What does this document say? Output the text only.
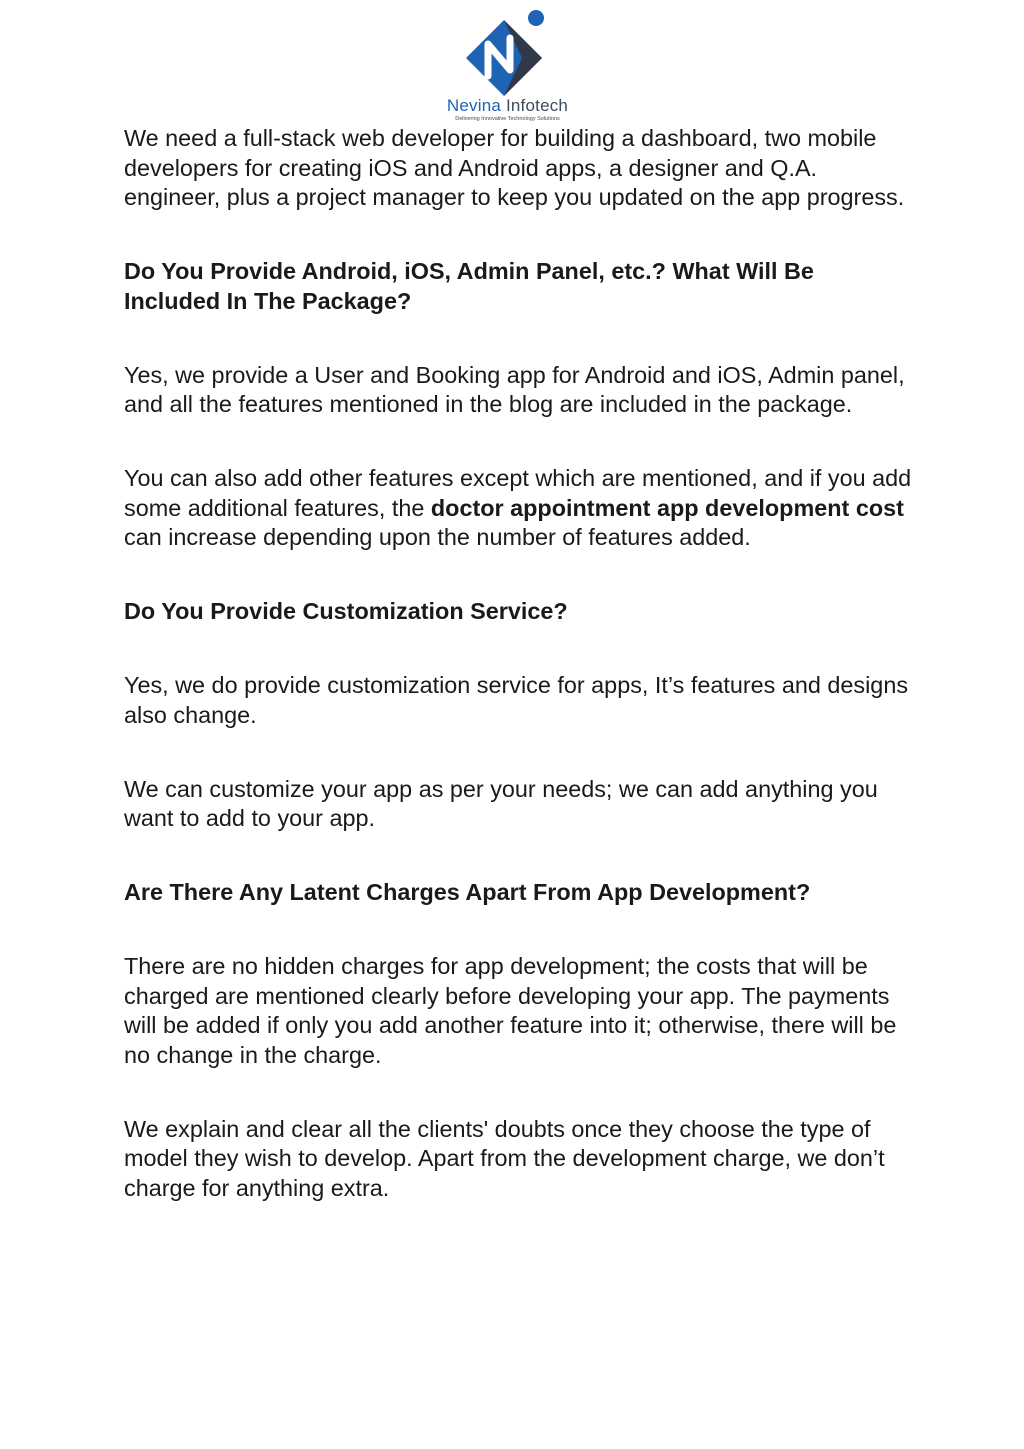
Nevina Infotech
Delivering Innovative Technology Solutions

We need a full-stack web developer for building a dashboard, two mobile developers for creating iOS and Android apps, a designer and Q.A. engineer, plus a project manager to keep you updated on the app progress.

Do You Provide Android, iOS, Admin Panel, etc.? What Will Be Included In The Package?

Yes, we provide a User and Booking app for Android and iOS, Admin panel, and all the features mentioned in the blog are included in the package.

You can also add other features except which are mentioned, and if you add some additional features, the doctor appointment app development cost can increase depending upon the number of features added.

Do You Provide Customization Service?

Yes, we do provide customization service for apps, It’s features and designs also change.

We can customize your app as per your needs; we can add anything you want to add to your app.

Are There Any Latent Charges Apart From App Development?

There are no hidden charges for app development; the costs that will be charged are mentioned clearly before developing your app. The payments will be added if only you add another feature into it; otherwise, there will be no change in the charge.

We explain and clear all the clients' doubts once they choose the type of model they wish to develop. Apart from the development charge, we don’t charge for anything extra.
